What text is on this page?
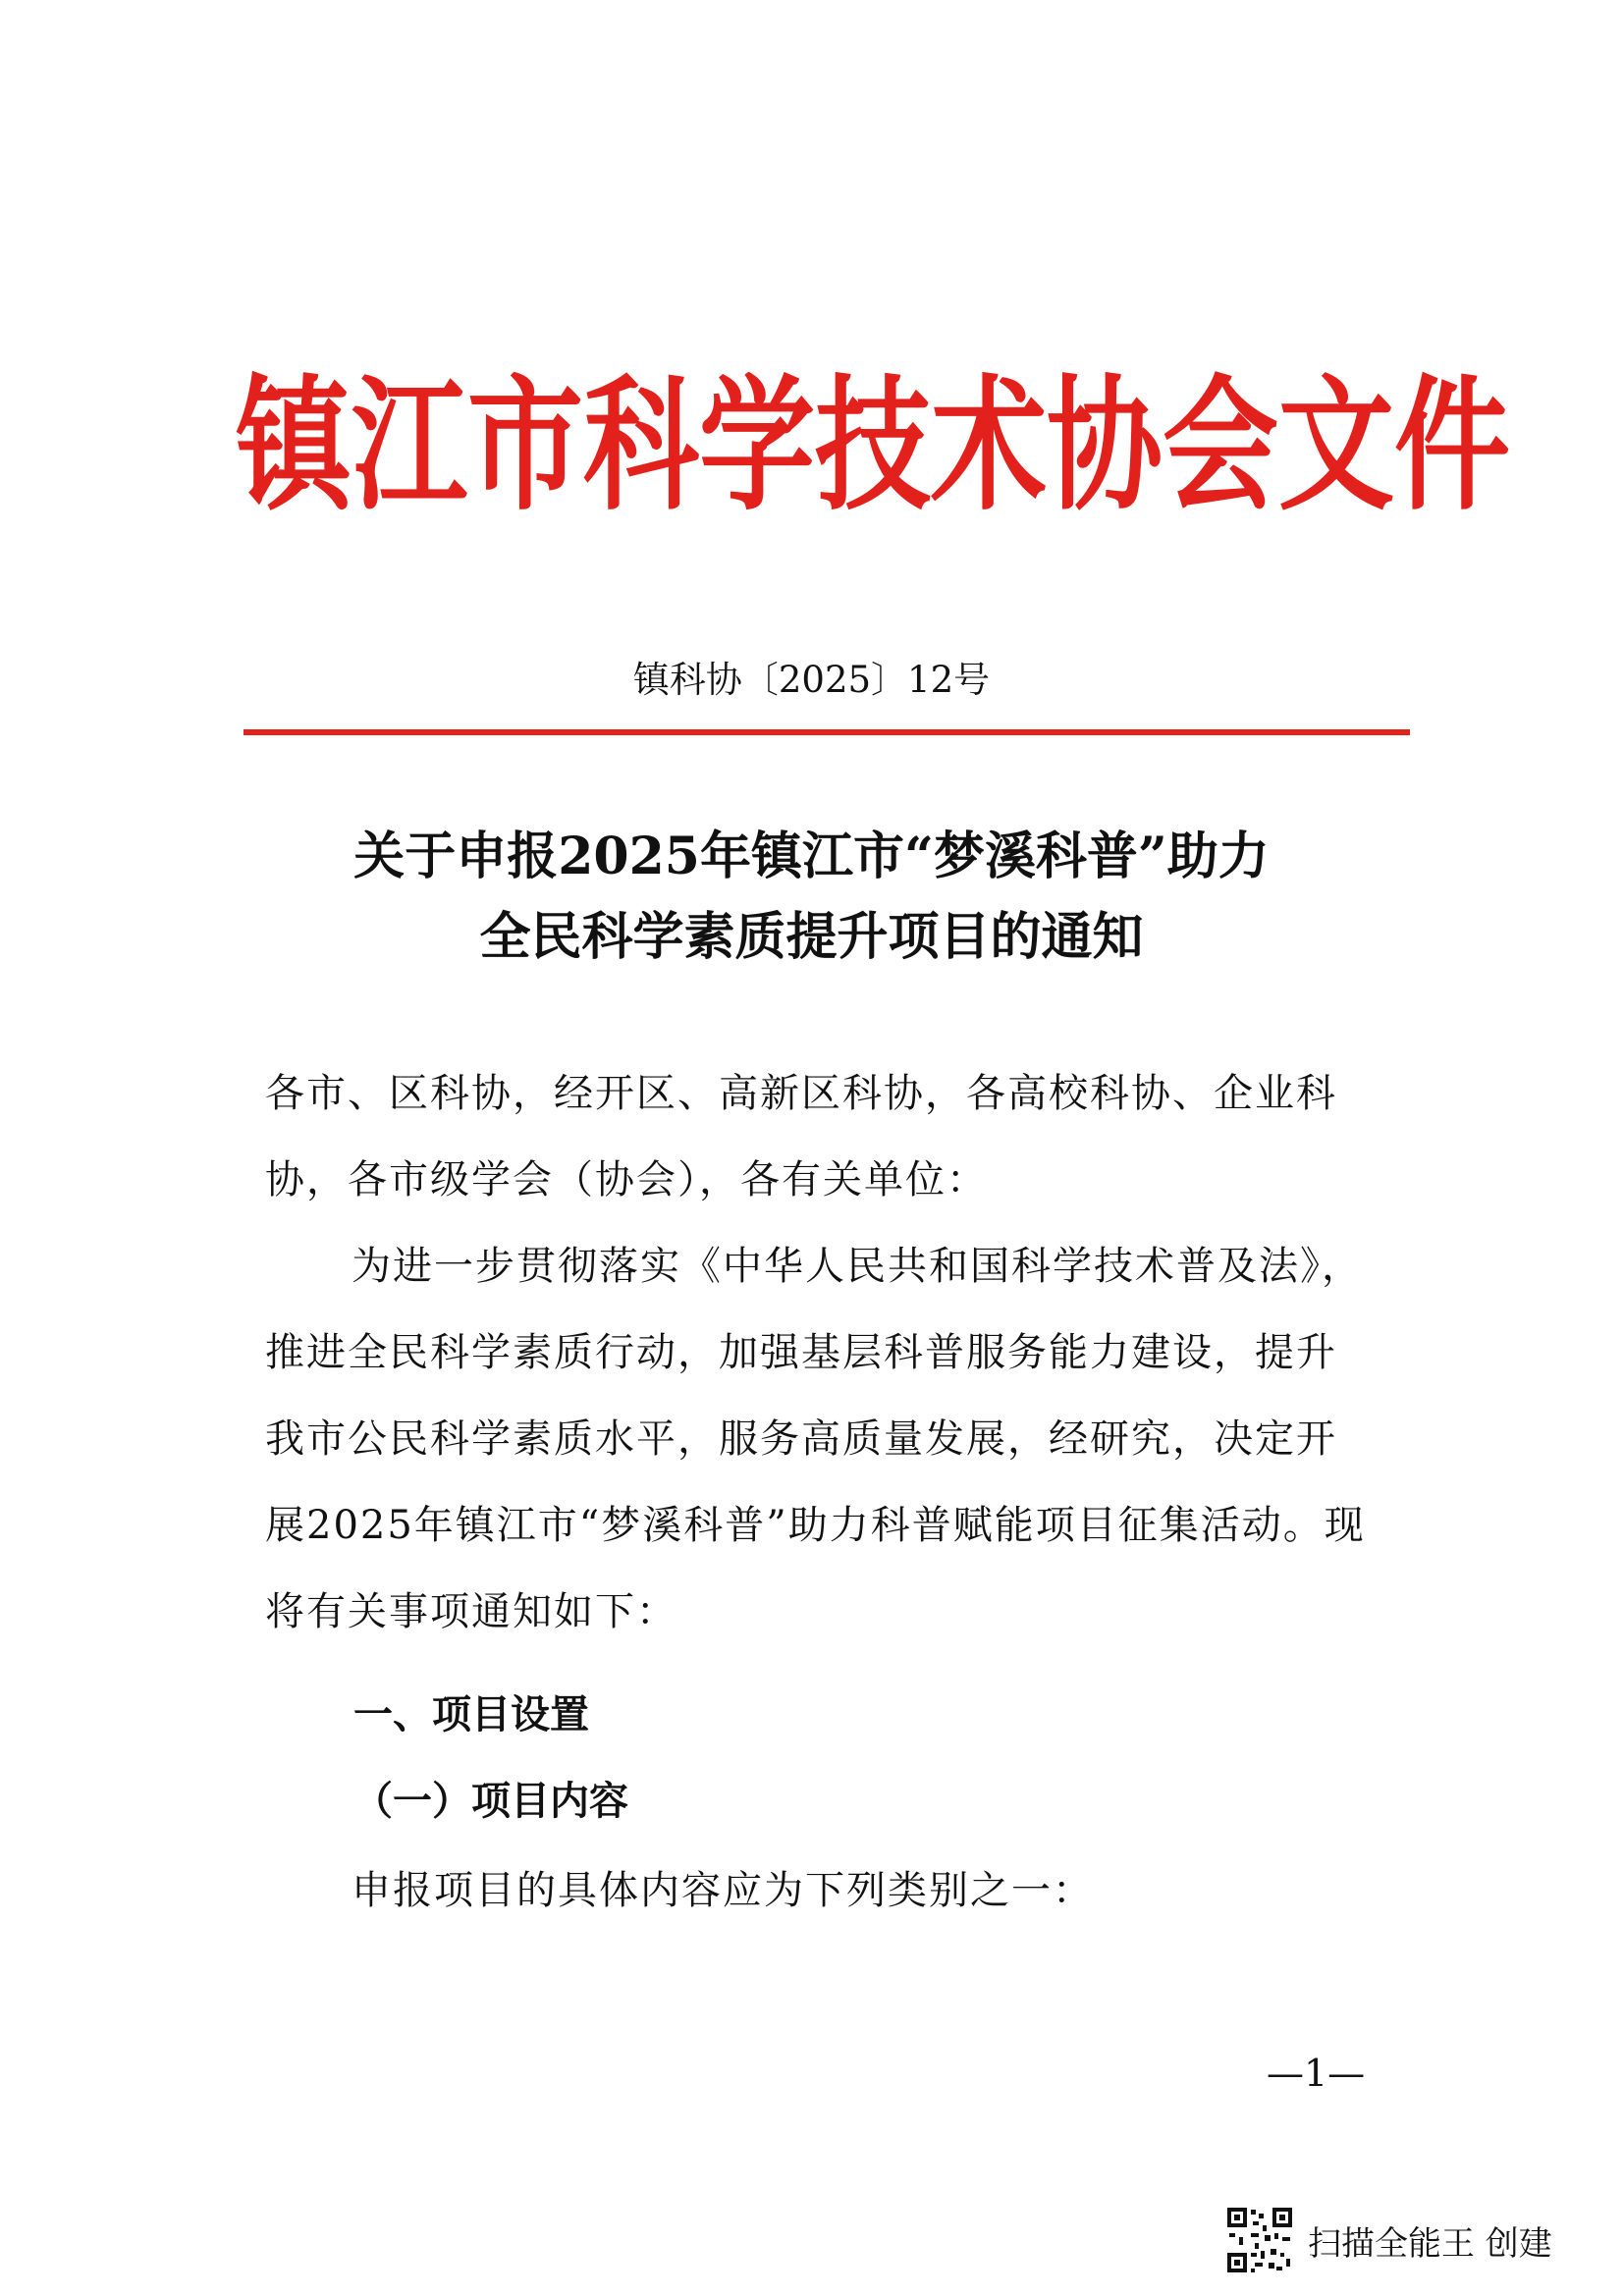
镇江市科学技术协会文件
镇科协〔2025〕12号
关于申报2025年镇江市“梦溪科普”助力
全民科学素质提升项目的通知
各市、区科协，经开区、高新区科协，各高校科协、企业科
协，各市级学会（协会），各有关单位：
为进一步贯彻落实《中华人民共和国科学技术普及法》，
推进全民科学素质行动，加强基层科普服务能力建设，提升
我市公民科学素质水平，服务高质量发展，经研究，决定开
展2025年镇江市“梦溪科普”助力科普赋能项目征集活动。现
将有关事项通知如下：
一、项目设置
（一）项目内容
申报项目的具体内容应为下列类别之一：
—1—
扫描全能王 创建
